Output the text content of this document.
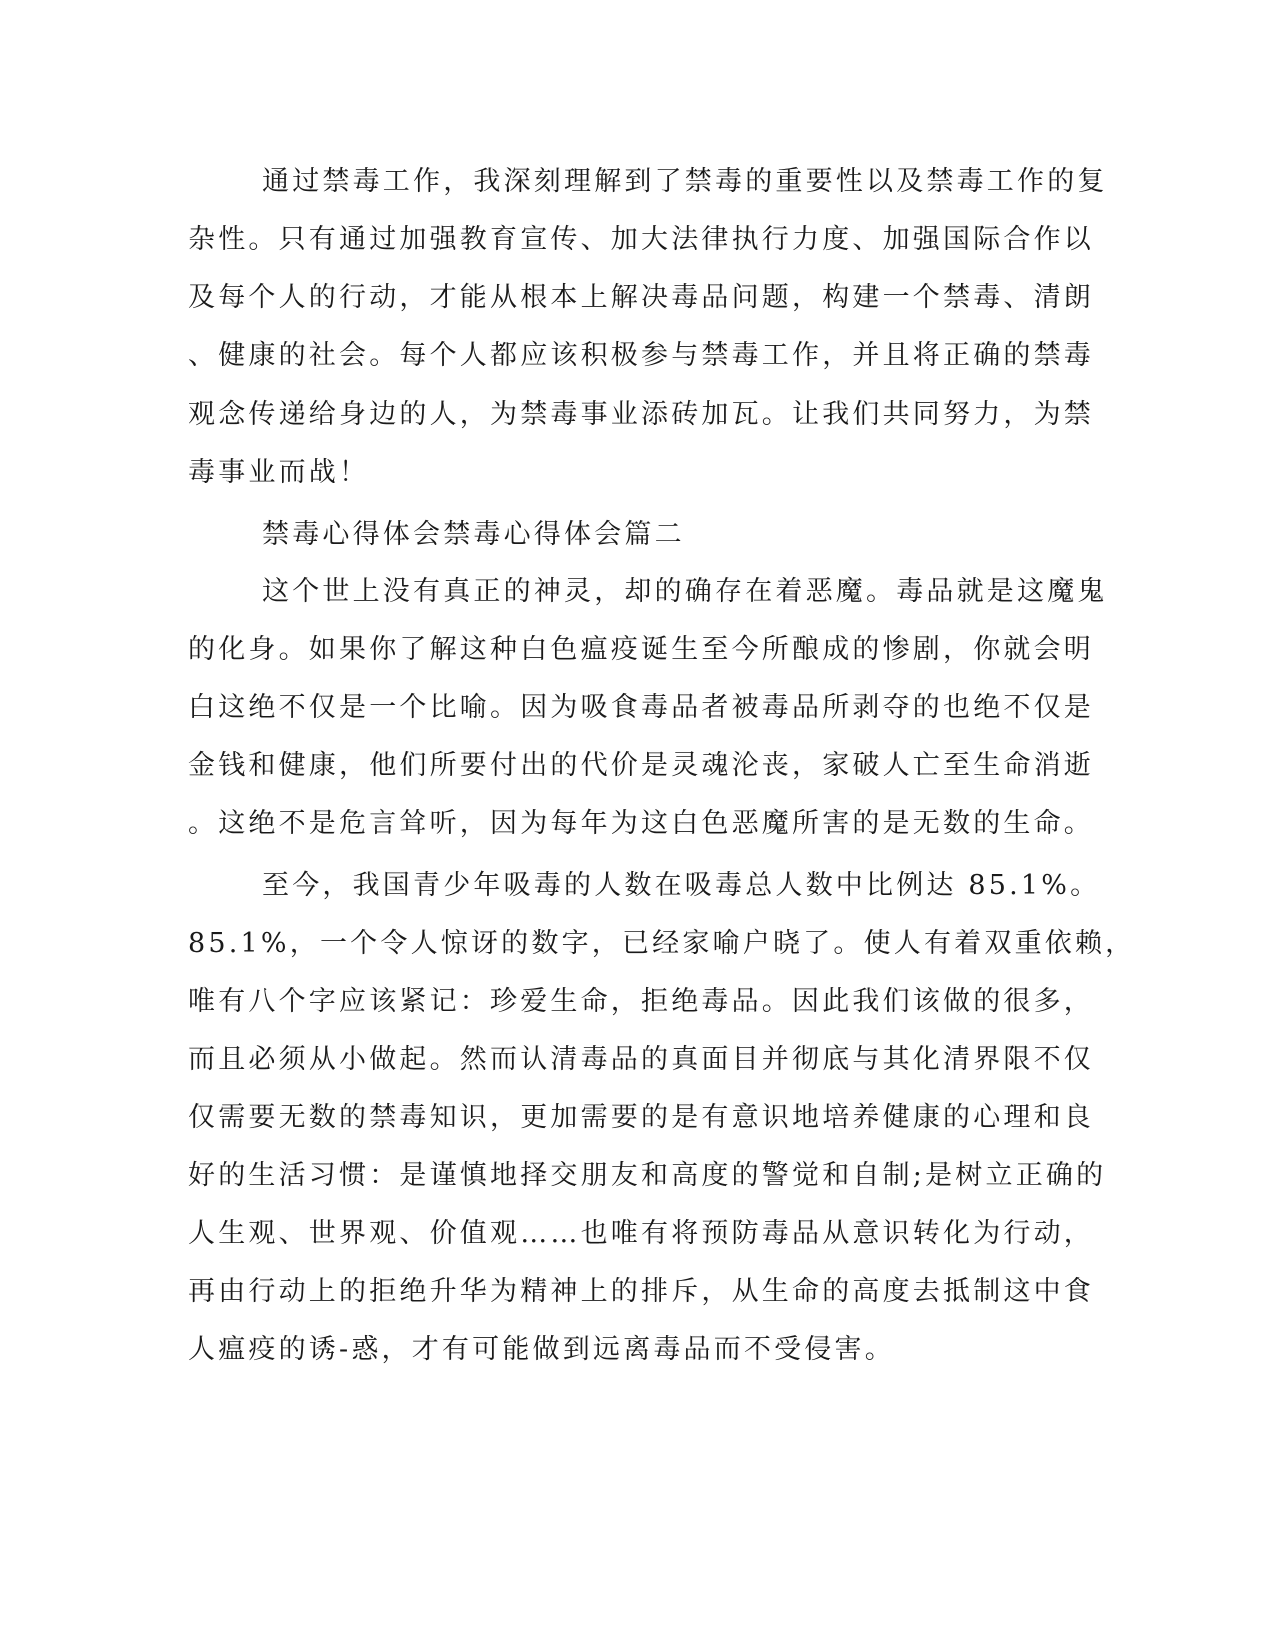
通过禁毒工作，我深刻理解到了禁毒的重要性以及禁毒工作的复
杂性。只有通过加强教育宣传、加大法律执行力度、加强国际合作以
及每个人的行动，才能从根本上解决毒品问题，构建一个禁毒、清朗
、健康的社会。每个人都应该积极参与禁毒工作，并且将正确的禁毒
观念传递给身边的人，为禁毒事业添砖加瓦。让我们共同努力，为禁
毒事业而战！
禁毒心得体会禁毒心得体会篇二
这个世上没有真正的神灵，却的确存在着恶魔。毒品就是这魔鬼
的化身。如果你了解这种白色瘟疫诞生至今所酿成的惨剧，你就会明
白这绝不仅是一个比喻。因为吸食毒品者被毒品所剥夺的也绝不仅是
金钱和健康，他们所要付出的代价是灵魂沦丧，家破人亡至生命消逝
。这绝不是危言耸听，因为每年为这白色恶魔所害的是无数的生命。
至今，我国青少年吸毒的人数在吸毒总人数中比例达 85.1%。
85.1%，一个令人惊讶的数字，已经家喻户晓了。使人有着双重依赖，
唯有八个字应该紧记：珍爱生命，拒绝毒品。因此我们该做的很多，
而且必须从小做起。然而认清毒品的真面目并彻底与其化清界限不仅
仅需要无数的禁毒知识，更加需要的是有意识地培养健康的心理和良
好的生活习惯：是谨慎地择交朋友和高度的警觉和自制;是树立正确的
人生观、世界观、价值观……也唯有将预防毒品从意识转化为行动，
再由行动上的拒绝升华为精神上的排斥，从生命的高度去抵制这中食
人瘟疫的诱-惑，才有可能做到远离毒品而不受侵害。
